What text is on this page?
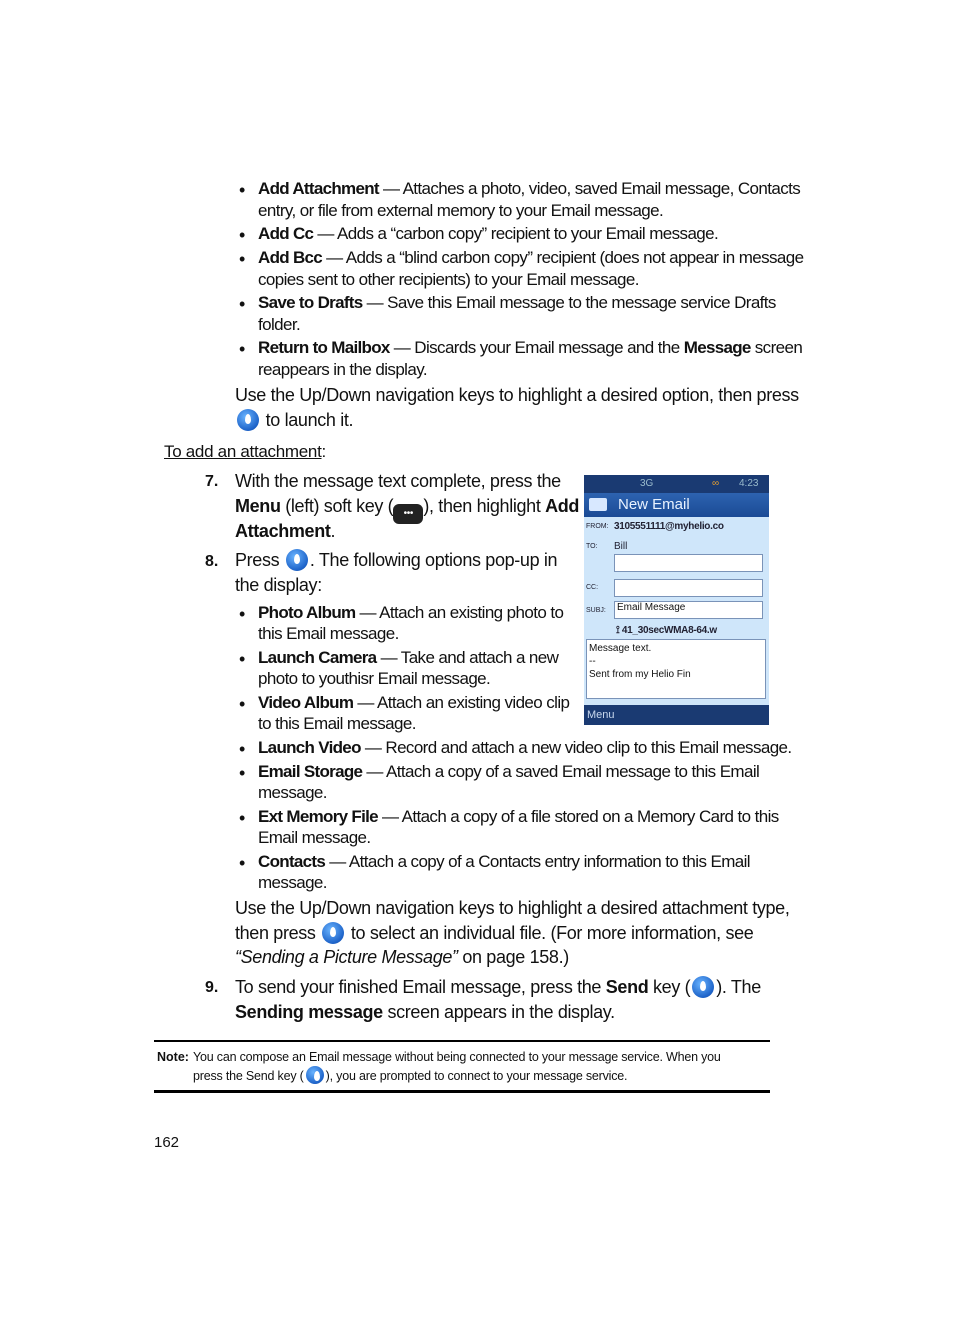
• Add Attachment — Attaches a photo, video, saved Email message, Contacts
entry, or file from external memory to your Email message.
• Add Cc — Adds a “carbon copy” recipient to your Email message.
• Add Bcc — Adds a “blind carbon copy” recipient (does not appear in message
copies sent to other recipients) to your Email message.
• Save to Drafts — Save this Email message to the message service Drafts
folder.
• Return to Mailbox — Discards your Email message and the Message screen
reappears in the display.
Use the Up/Down navigation keys to highlight a desired option, then press
to launch it.
To add an attachment:
7. With the message text complete, press the
Menu (left) soft key ( ••• ), then highlight Add
Attachment.
8. Press . The following options pop-up in
the display:
• Photo Album — Attach an existing photo to
this Email message.
• Launch Camera — Take and attach a new
photo to youthisr Email message.
• Video Album — Attach an existing video clip
to this Email message.
• Launch Video — Record and attach a new video clip to this Email message.
• Email Storage — Attach a copy of a saved Email message to this Email
message.
• Ext Memory File — Attach a copy of a file stored on a Memory Card to this
Email message.
• Contacts — Attach a copy of a Contacts entry information to this Email
message.
Use the Up/Down navigation keys to highlight a desired attachment type,
then press  to select an individual file. (For more information, see
“Sending a Picture Message” on page 158.)
9. To send your finished Email message, press the Send key ( ). The
Sending message screen appears in the display.
3G	∞ 4:23
New Email
FROM: 3105551111@myhelio.co
TO: Bill
CC:
SUBJ:	Email Message
⟟ 41_30secWMA8-64.w
Message text.
--
Sent from my Helio Fin
Menu
Note: You can compose an Email message without being connected to your message service. When you
press the Send key ( ), you are prompted to connect to your message service.
162
